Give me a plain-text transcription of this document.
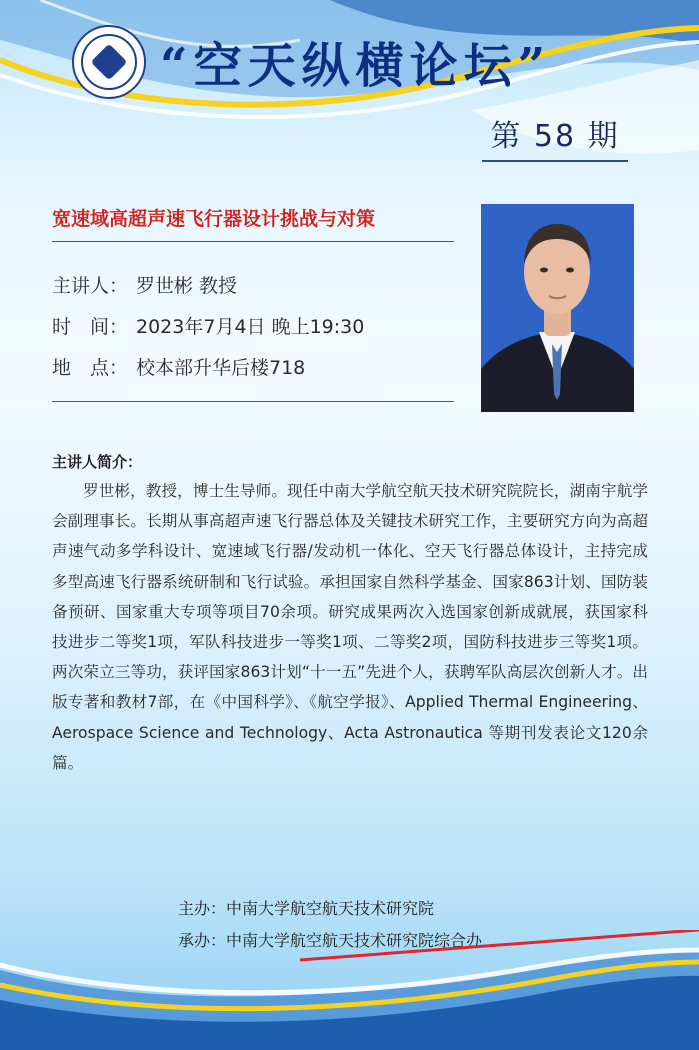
“空天纵横论坛”
第 58 期
宽速域高超声速飞行器设计挑战与对策
主讲人： 罗世彬 教授
时　间： 2023年7月4日 晚上19:30
地　点： 校本部升华后楼718
主讲人简介：

罗世彬，教授，博士生导师。现任中南大学航空航天技术研究院院长，湖南宇航学会副理事长。长期从事高超声速飞行器总体及关键技术研究工作，主要研究方向为高超声速气动多学科设计、宽速域飞行器/发动机一体化、空天飞行器总体设计，主持完成多型高速飞行器系统研制和飞行试验。承担国家自然科学基金、国家863计划、国防装备预研、国家重大专项等项目70余项。研究成果两次入选国家创新成就展，获国家科技进步二等奖1项，军队科技进步一等奖1项、二等奖2项，国防科技进步三等奖1项。两次荣立三等功，获评国家863计划“十一五”先进个人，获聘军队高层次创新人才。出版专著和教材7部，在《中国科学》、《航空学报》、Applied Thermal Engineering、Aerospace Science and Technology、Acta Astronautica 等期刊发表论文120余篇。

主办：中南大学航空航天技术研究院
承办：中南大学航空航天技术研究院综合办
